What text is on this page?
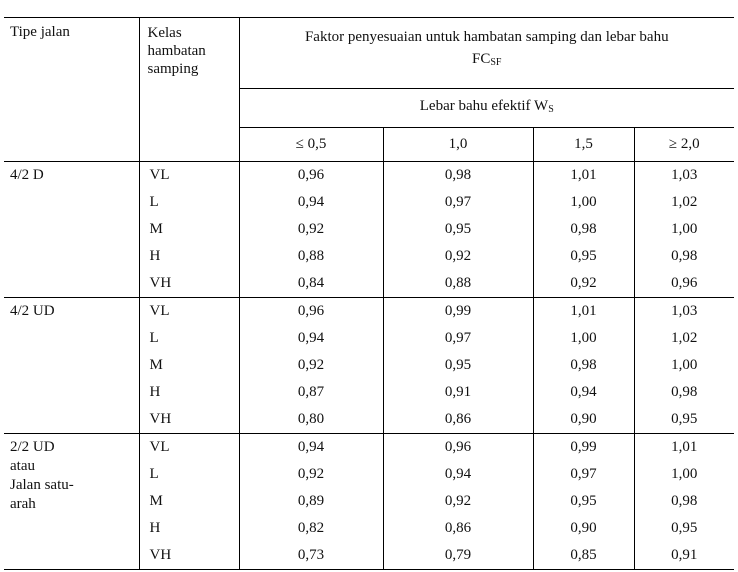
Tipe jalan	Kelas
hambatan
samping	Faktor penyesuaian untuk hambatan samping dan lebar bahu
$FC_{SF}$
		Lebar bahu efektif $W_S$
		≤ 0,5	1,0	1,5	≥ 2,0
4/2 D	VL	0,96	0,98	1,01	1,03
	L	0,94	0,97	1,00	1,02
	M	0,92	0,95	0,98	1,00
	H	0,88	0,92	0,95	0,98
	VH	0,84	0,88	0,92	0,96
4/2 UD	VL	0,96	0,99	1,01	1,03
	L	0,94	0,97	1,00	1,02
	M	0,92	0,95	0,98	1,00
	H	0,87	0,91	0,94	0,98
	VH	0,80	0,86	0,90	0,95
2/2 UD
atau
Jalan satu-
arah	VL	0,94	0,96	0,99	1,01
	L	0,92	0,94	0,97	1,00
	M	0,89	0,92	0,95	0,98
	H	0,82	0,86	0,90	0,95
	VH	0,73	0,79	0,85	0,91
